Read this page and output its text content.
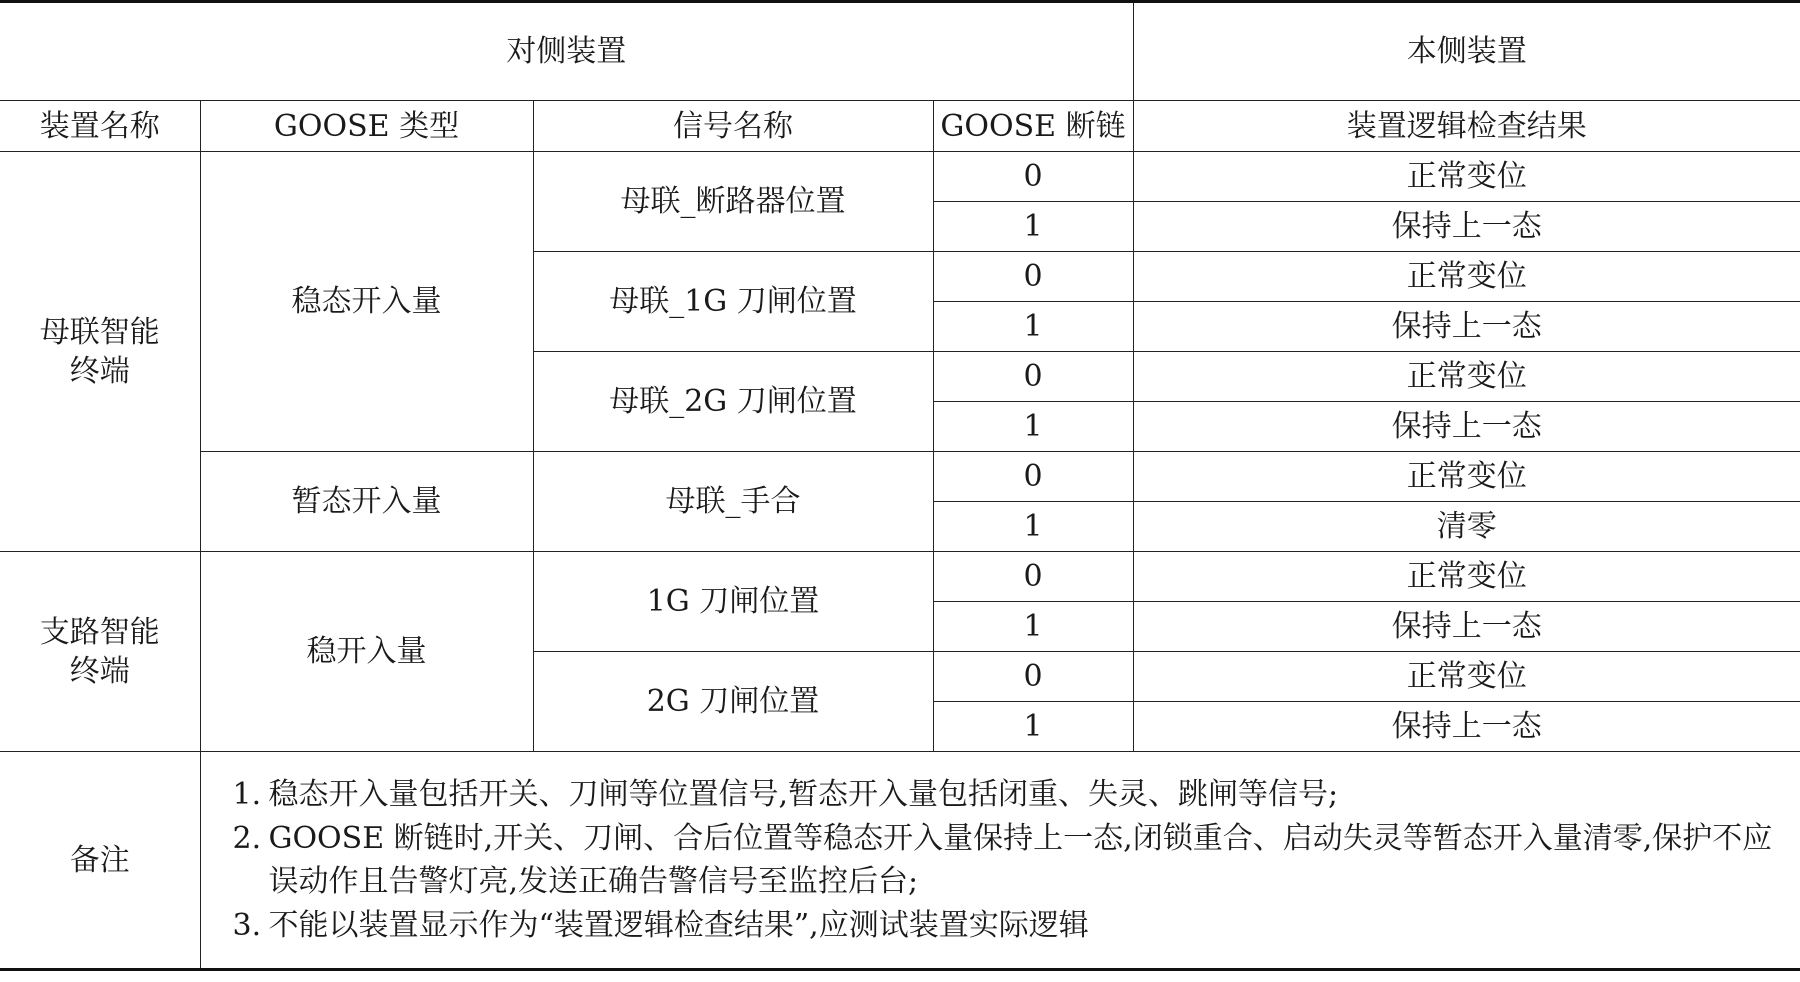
对侧装置				本侧装置
装置名称	GOOSE 类型	信号名称	GOOSE 断链	装置逻辑检查结果
母联智能
终端	稳态开入量	母联_断路器位置	0	正常变位
			1	保持上一态
		母联_1G 刀闸位置	0	正常变位
			1	保持上一态
		母联_2G 刀闸位置	0	正常变位
			1	保持上一态
	暂态开入量	母联_手合	0	正常变位
			1	清零
支路智能
终端	稳开入量	1G 刀闸位置	0	正常变位
			1	保持上一态
		2G 刀闸位置	0	正常变位
			1	保持上一态
备注	1. 稳态开入量包括开关、刀闸等位置信号,暂态开入量包括闭重、失灵、跳闸等信号;

2. GOOSE 断链时,开关、刀闸、合后位置等稳态开入量保持上一态,闭锁重合、启动失灵等暂态开入量清零,保护不应误动作且告警灯亮,发送正确告警信号至监控后台;

3. 不能以装置显示作为“装置逻辑检查结果”,应测试装置实际逻辑			
